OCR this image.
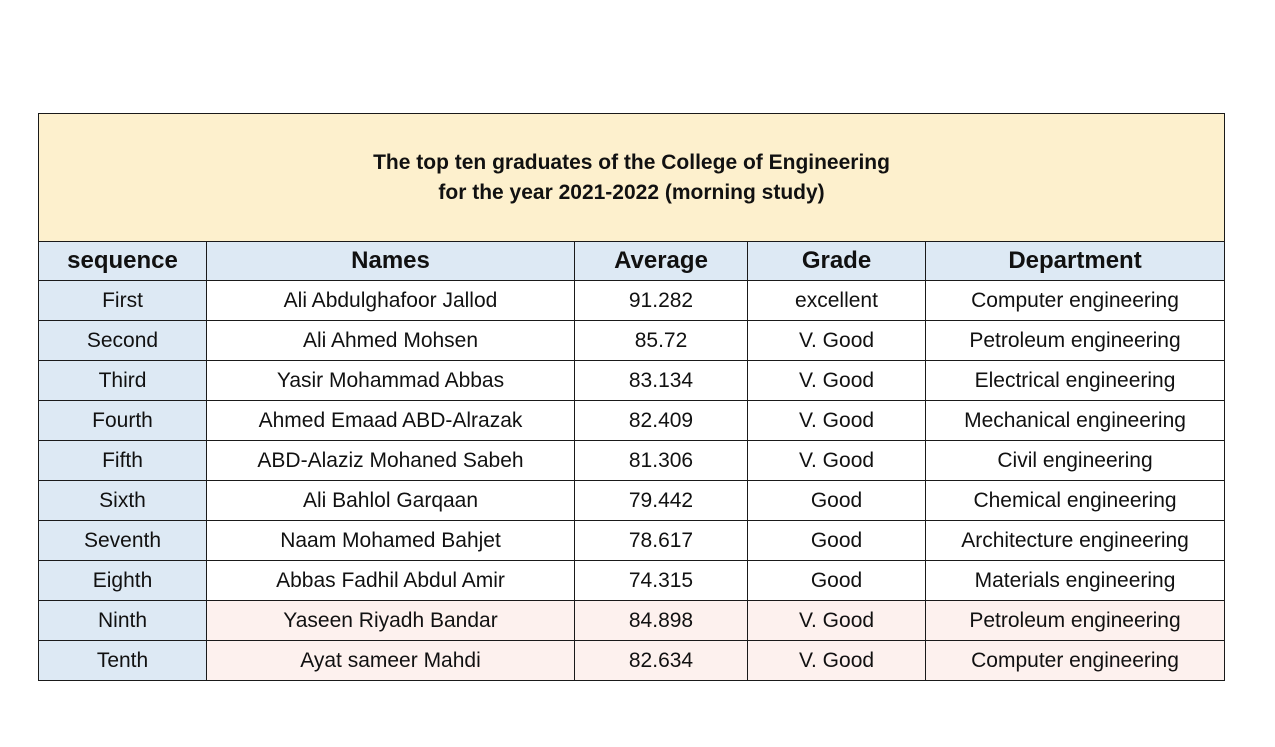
The top ten graduates of the College of Engineering
for the year 2021-2022 (morning study)				

sequence	Names	Average	Grade	Department
First	Ali Abdulghafoor Jallod	91.282	excellent	Computer engineering
Second	Ali Ahmed Mohsen	85.72	V. Good	Petroleum engineering
Third	Yasir Mohammad Abbas	83.134	V. Good	Electrical engineering
Fourth	Ahmed Emaad ABD-Alrazak	82.409	V. Good	Mechanical engineering
Fifth	ABD-Alaziz Mohaned Sabeh	81.306	V. Good	Civil engineering
Sixth	Ali Bahlol Garqaan	79.442	Good	Chemical engineering
Seventh	Naam Mohamed Bahjet	78.617	Good	Architecture engineering
Eighth	Abbas Fadhil Abdul Amir	74.315	Good	Materials engineering
Ninth	Yaseen Riyadh Bandar	84.898	V. Good	Petroleum engineering
Tenth	Ayat sameer Mahdi	82.634	V. Good	Computer engineering
